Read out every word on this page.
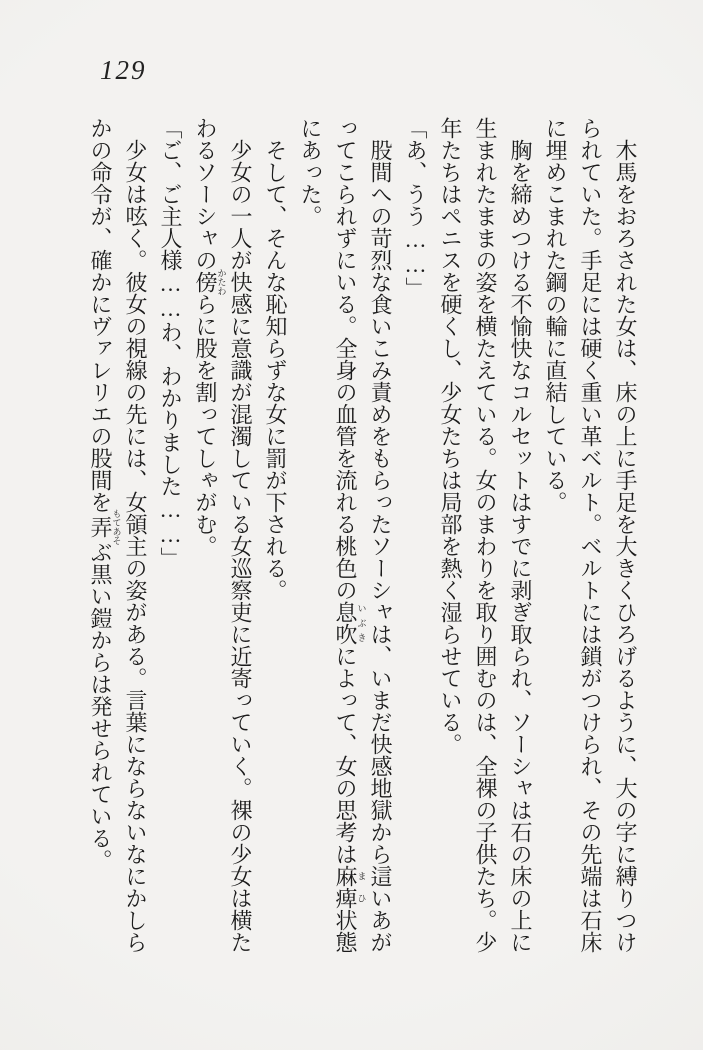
129

木馬をおろされた女は、床の上に手足を大きくひろげるように、大の字に縛りつけられていた。手足には硬く重い革ベルト。ベルトには鎖がつけられ、その先端は石床に埋めこまれた鋼の輪に直結している。

胸を締めつける不愉快なコルセットはすでに剥ぎ取られ、ソーシャは石の床の上に生まれたままの姿を横たえている。女のまわりを取り囲むのは、全裸の子供たち。少年たちはペニスを硬くし、少女たちは局部を熱く湿らせている。

「あ、うう……」

股間への苛烈な食いこみ責めをもらったソーシャは、いまだ快感地獄から這いあがってこられずにいる。全身の血管を流れる桃色の息吹いぶきによって、女の思考は麻痺まひ状態にあった。

そして、そんな恥知らずな女に罰が下される。

少女の一人が快感に意識が混濁している女巡察吏に近寄っていく。裸の少女は横たわるソーシャの傍かたわらに股を割ってしゃがむ。

「ご、ご主人様……わ、わかりました……」

少女は呟く。彼女の視線の先には、女領主の姿がある。言葉にならないなにかしらかの命令が、確かにヴァレリエの股間を弄もてあそぶ黒い鎧からは発せられている。
